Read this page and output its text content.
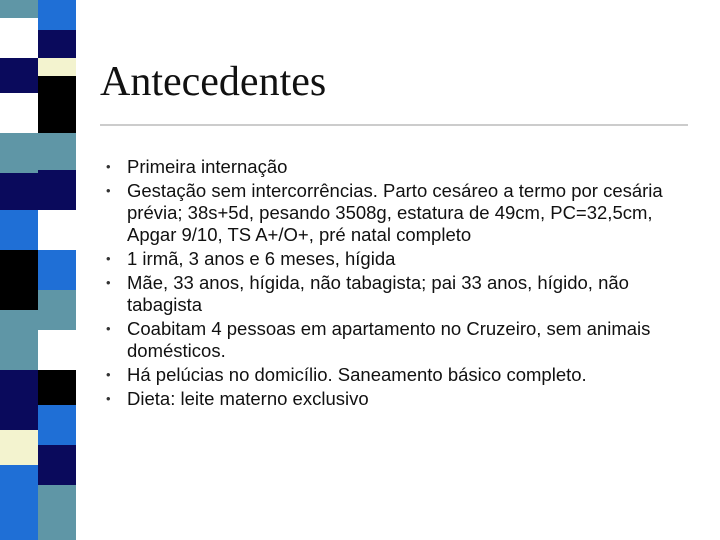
Antecedentes
• Primeira internação
• Gestação sem intercorrências. Parto cesáreo a termo por cesária prévia; 38s+5d, pesando 3508g, estatura de 49cm, PC=32,5cm, Apgar 9/10, TS A+/O+, pré natal completo
• 1 irmã, 3 anos e 6 meses, hígida
• Mãe, 33 anos, hígida, não tabagista; pai 33 anos, hígido, não tabagista
• Coabitam 4 pessoas em apartamento no Cruzeiro, sem animais domésticos.
• Há pelúcias no domicílio. Saneamento básico completo.
• Dieta: leite materno exclusivo
